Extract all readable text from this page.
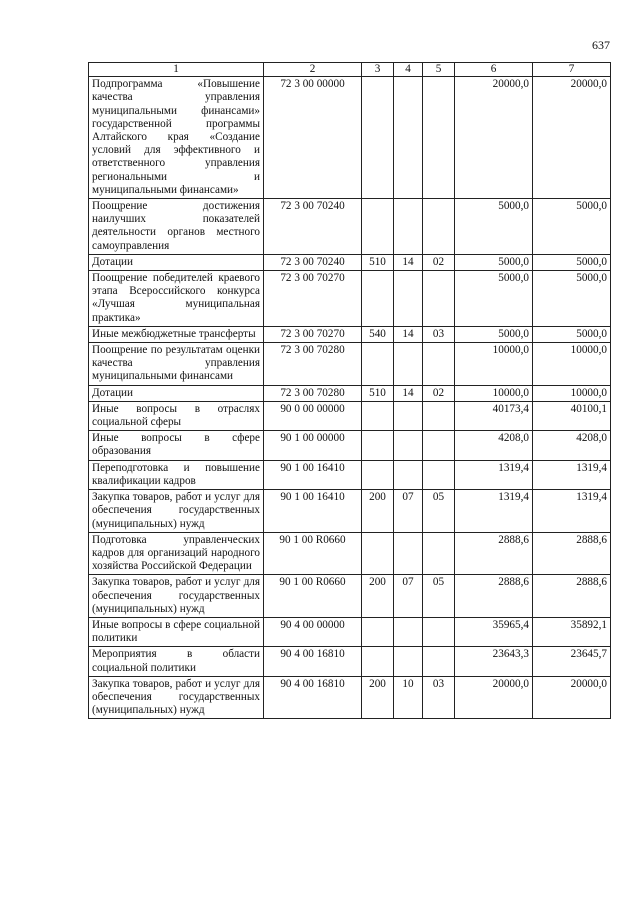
637
1	2	3	4	5	6	7
Подпрограмма «Повышение качества управления муниципальными финансами» государственной программы Алтайского края «Создание условий для эффективного и ответственного управления региональными и муниципальными финансами»	72 3 00 00000				20000,0	20000,0
Поощрение достижения наилучших показателей деятельности органов местного самоуправления	72 3 00 70240				5000,0	5000,0
Дотации	72 3 00 70240	510	14	02	5000,0	5000,0
Поощрение победителей краевого этапа Всероссийского конкурса «Лучшая муниципальная практика»	72 3 00 70270				5000,0	5000,0
Иные межбюджетные трансферты	72 3 00 70270	540	14	03	5000,0	5000,0
Поощрение по результатам оценки качества управления муниципальными финансами	72 3 00 70280				10000,0	10000,0
Дотации	72 3 00 70280	510	14	02	10000,0	10000,0
Иные вопросы в отраслях социальной сферы	90 0 00 00000				40173,4	40100,1
Иные вопросы в сфере образования	90 1 00 00000				4208,0	4208,0
Переподготовка и повышение квалификации кадров	90 1 00 16410				1319,4	1319,4
Закупка товаров, работ и услуг для обеспечения государственных (муниципальных) нужд	90 1 00 16410	200	07	05	1319,4	1319,4
Подготовка управленческих кадров для организаций народного хозяйства Российской Федерации	90 1 00 R0660				2888,6	2888,6
Закупка товаров, работ и услуг для обеспечения государственных (муниципальных) нужд	90 1 00 R0660	200	07	05	2888,6	2888,6
Иные вопросы в сфере социальной политики	90 4 00 00000				35965,4	35892,1
Мероприятия в области социальной политики	90 4 00 16810				23643,3	23645,7
Закупка товаров, работ и услуг для обеспечения государственных (муниципальных) нужд	90 4 00 16810	200	10	03	20000,0	20000,0
